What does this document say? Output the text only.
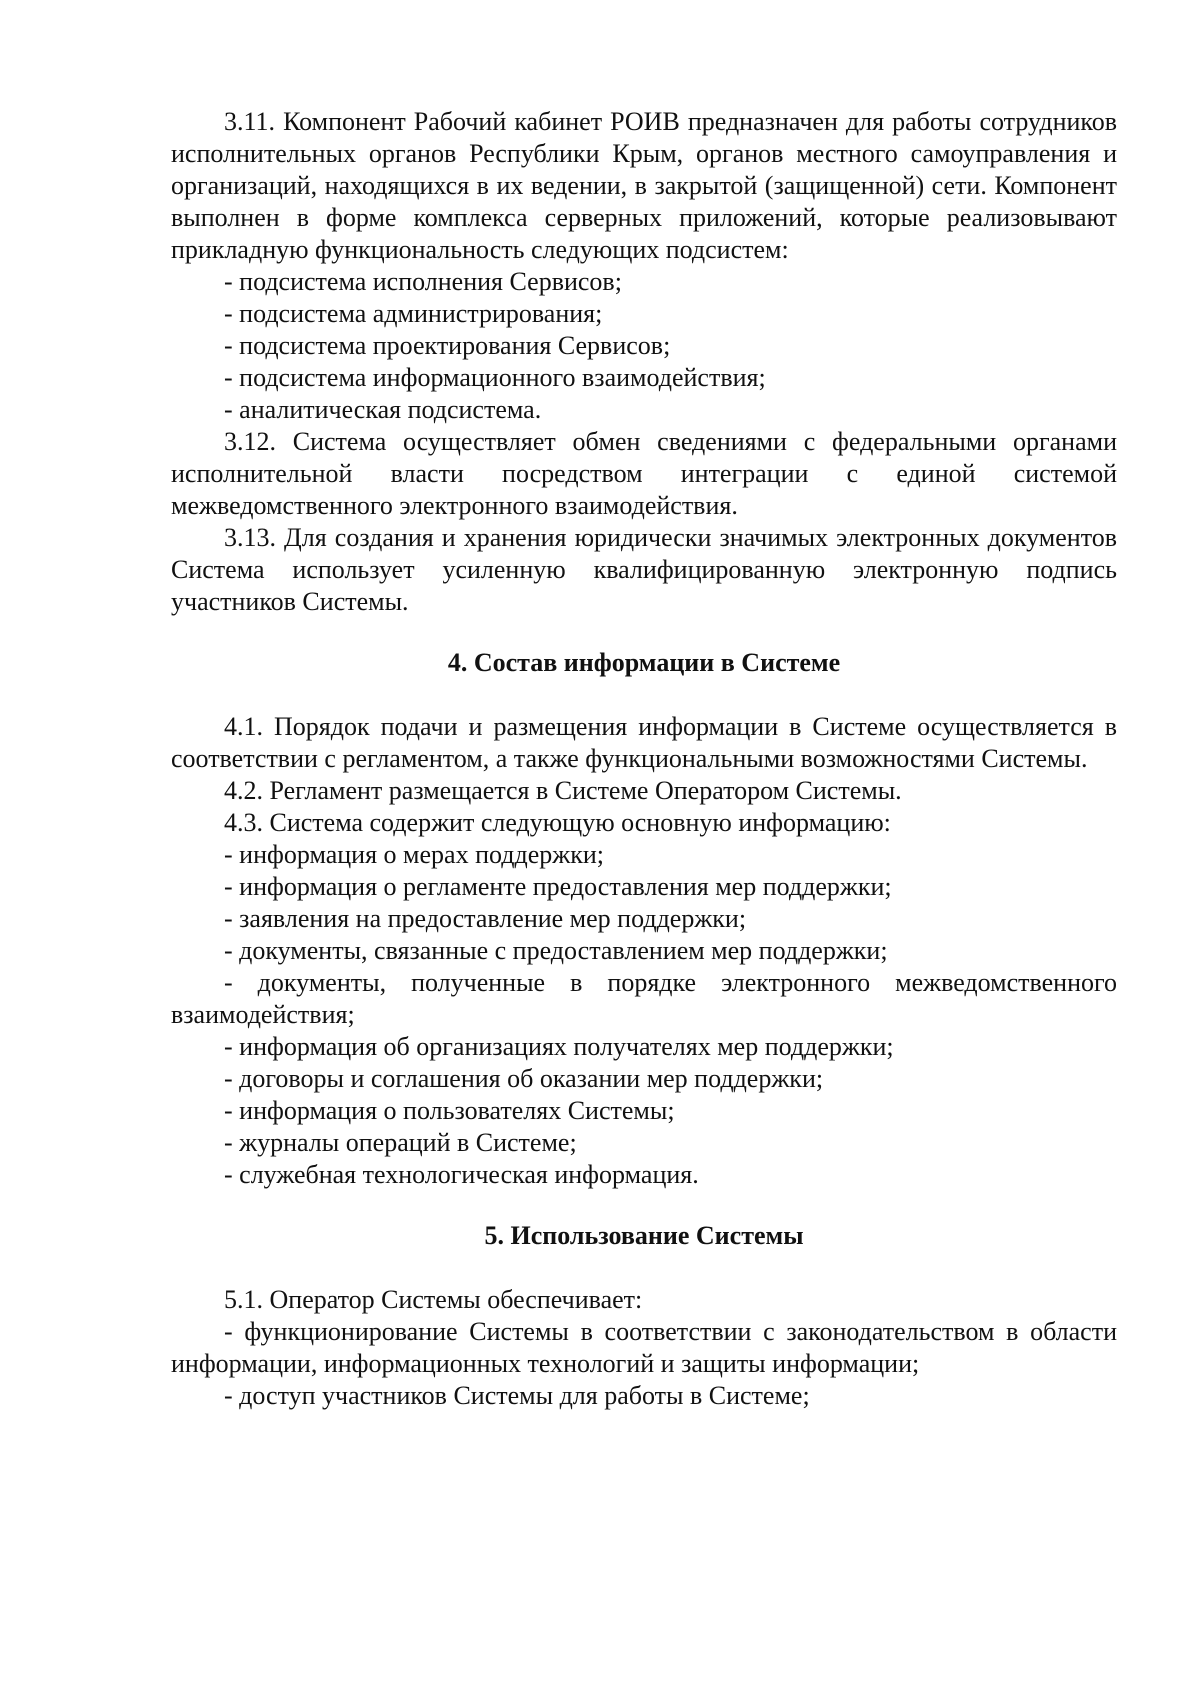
3.11. Компонент Рабочий кабинет РОИВ предназначен для работы сотрудников исполнительных органов Республики Крым, органов местного самоуправления и организаций, находящихся в их ведении, в закрытой (защищенной) сети. Компонент выполнен в форме комплекса серверных приложений, которые реализовывают прикладную функциональность следующих подсистем:

- подсистема исполнения Сервисов;

- подсистема администрирования;

- подсистема проектирования Сервисов;

- подсистема информационного взаимодействия;

- аналитическая подсистема.

3.12. Система осуществляет обмен сведениями с федеральными органами исполнительной власти посредством интеграции с единой системой межведомственного электронного взаимодействия.

3.13. Для создания и хранения юридически значимых электронных документов Система использует усиленную квалифицированную электронную подпись участников Системы.

4. Состав информации в Системе

4.1. Порядок подачи и размещения информации в Системе осуществляется в соответствии с регламентом, а также функциональными возможностями Системы.

4.2. Регламент размещается в Системе Оператором Системы.

4.3. Система содержит следующую основную информацию:

- информация о мерах поддержки;

- информация о регламенте предоставления мер поддержки;

- заявления на предоставление мер поддержки;

- документы, связанные с предоставлением мер поддержки;

- документы, полученные в порядке электронного межведомственного взаимодействия;

- информация об организациях получателях мер поддержки;

- договоры и соглашения об оказании мер поддержки;

- информация о пользователях Системы;

- журналы операций в Системе;

- служебная технологическая информация.

5. Использование Системы

5.1. Оператор Системы обеспечивает:

- функционирование Системы в соответствии с законодательством в области информации, информационных технологий и защиты информации;

- доступ участников Системы для работы в Системе;
